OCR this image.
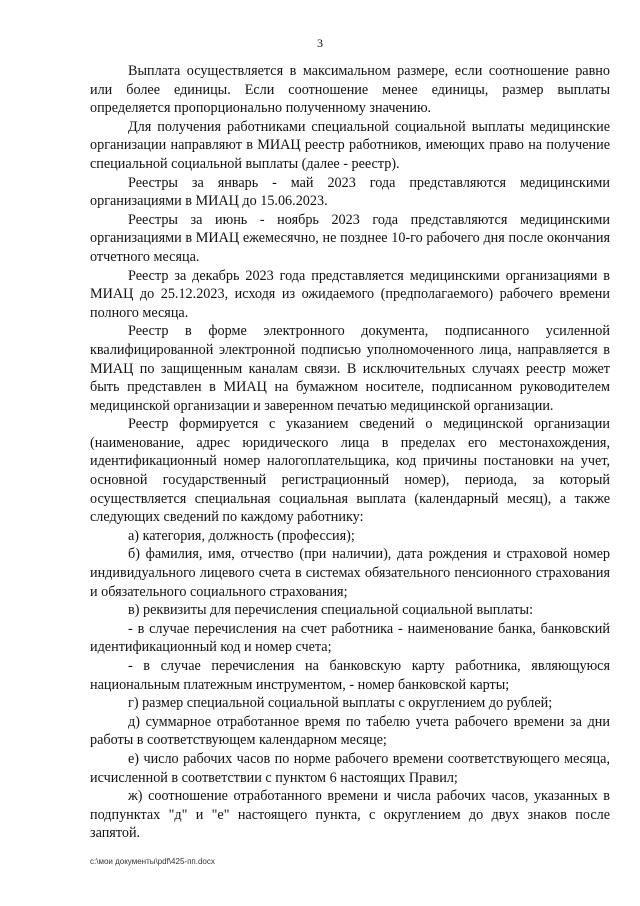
3

Выплата осуществляется в максимальном размере, если соотношение равно или более единицы. Если соотношение менее единицы, размер выплаты определяется пропорционально полученному значению.

Для получения работниками специальной социальной выплаты медицинские организации направляют в МИАЦ реестр работников, имеющих право на получение специальной социальной выплаты (далее - реестр).

Реестры за январь - май 2023 года представляются медицинскими организациями в МИАЦ до 15.06.2023.

Реестры за июнь - ноябрь 2023 года представляются медицинскими организациями в МИАЦ ежемесячно, не позднее 10-го рабочего дня после окончания отчетного месяца.

Реестр за декабрь 2023 года представляется медицинскими организациями в МИАЦ до 25.12.2023, исходя из ожидаемого (предполагаемого) рабочего времени полного месяца.

Реестр в форме электронного документа, подписанного усиленной квалифицированной электронной подписью уполномоченного лица, направляется в МИАЦ по защищенным каналам связи. В исключительных случаях реестр может быть представлен в МИАЦ на бумажном носителе, подписанном руководителем медицинской организации и заверенном печатью медицинской организации.

Реестр формируется с указанием сведений о медицинской организации (наименование, адрес юридического лица в пределах его местонахождения, идентификационный номер налогоплательщика, код причины постановки на учет, основной государственный регистрационный номер), периода, за который осуществляется специальная социальная выплата (календарный месяц), а также следующих сведений по каждому работнику:

а) категория, должность (профессия);

б) фамилия, имя, отчество (при наличии), дата рождения и страховой номер индивидуального лицевого счета в системах обязательного пенсионного страхования и обязательного социального страхования;

в) реквизиты для перечисления специальной социальной выплаты:

- в случае перечисления на счет работника - наименование банка, банковский идентификационный код и номер счета;

- в случае перечисления на банковскую карту работника, являющуюся национальным платежным инструментом, - номер банковской карты;

г) размер специальной социальной выплаты с округлением до рублей;

д) суммарное отработанное время по табелю учета рабочего времени за дни работы в соответствующем календарном месяце;

е) число рабочих часов по норме рабочего времени соответствующего месяца, исчисленной в соответствии с пунктом 6 настоящих Правил;

ж) соотношение отработанного времени и числа рабочих часов, указанных в подпунктах "д" и "е" настоящего пункта, с округлением до двух знаков после запятой.

c:\мои документы\pdf\425-пп.docx
